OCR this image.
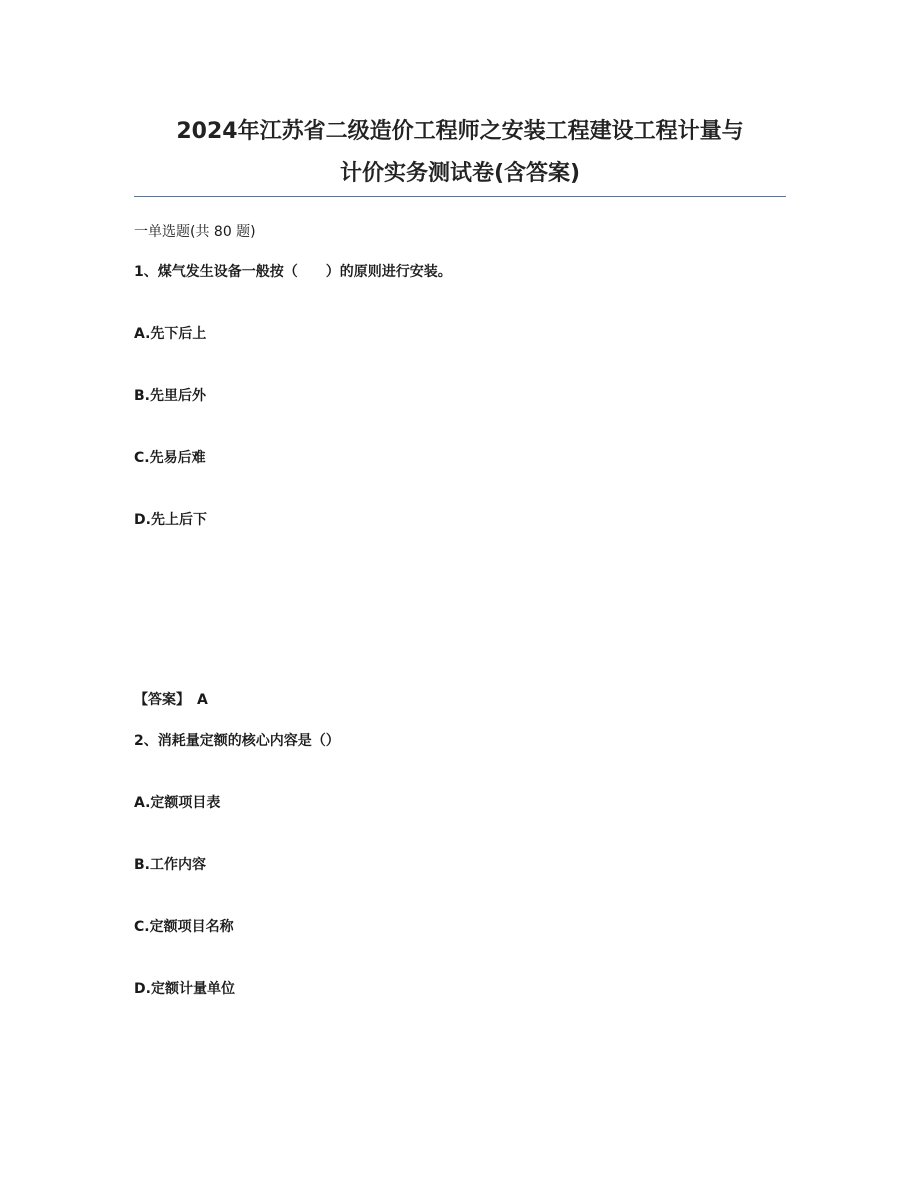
2024年江苏省二级造价工程师之安装工程建设工程计量与
计价实务测试卷(含答案)
一单选题(共 80 题)
1、煤气发生设备一般按（　　）的原则进行安装。
A.先下后上
B.先里后外
C.先易后难
D.先上后下
【答案】　A
2、消耗量定额的核心内容是（）
A.定额项目表
B.工作内容
C.定额项目名称
D.定额计量单位
